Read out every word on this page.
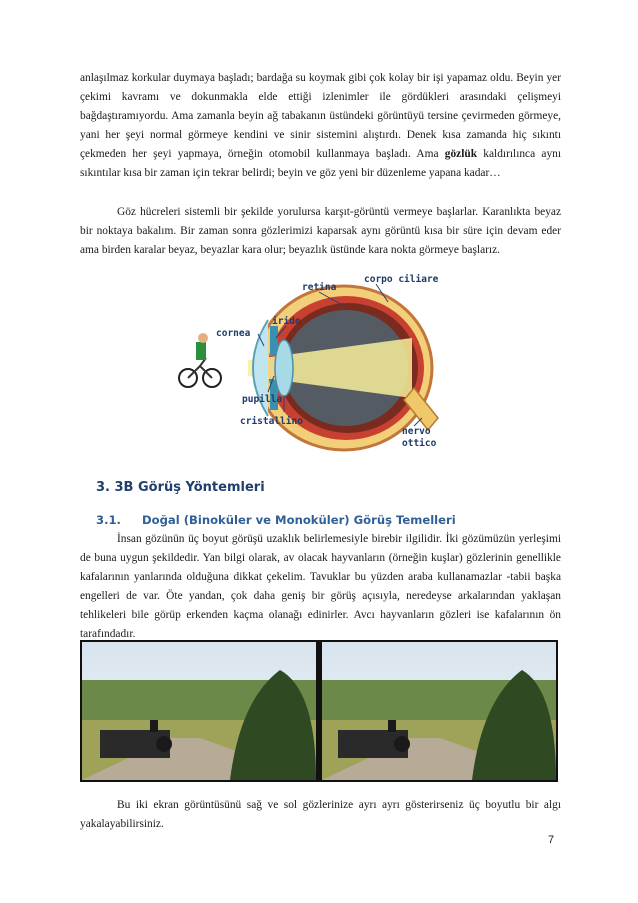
anlaşılmaz korkular duymaya başladı; bardağa su koymak gibi çok kolay bir işi yapamaz oldu. Beyin yer çekimi kavramı ve dokunmakla elde ettiği izlenimler ile gördükleri arasındaki çelişmeyi bağdaştıramıyordu. Ama zamanla beyin ağ tabakanın üstündeki görüntüyü tersine çevirmeden görmeye, yani her şeyi normal görmeye kendini ve sinir sistemini alıştırdı. Denek kısa zamanda hiç sıkıntı çekmeden her şeyi yapmaya, örneğin otomobil kullanmaya başladı. Ama gözlük kaldırılınca aynı sıkıntılar kısa bir zaman için tekrar belirdi; beyin ve göz yeni bir düzenleme yapana kadar…

Göz hücreleri sistemli bir şekilde yorulursa karşıt-görüntü vermeye başlarlar. Karanlıkta beyaz bir noktaya bakalım. Bir zaman sonra gözlerimizi kaparsak aynı görüntü kısa bir süre için devam eder ama birden karalar beyaz, beyazlar kara olur; beyazlık üstünde kara nokta görmeye başlarız.

retina
corpo ciliare
iride
cornea
pupilla
cristallino
nervo
ottico
3. 3B Görüş Yöntemleri
3.1. Doğal (Binoküler ve Monoküler) Görüş Temelleri

İnsan gözünün üç boyut görüşü uzaklık belirlemesiyle birebir ilgilidir. İki gözümüzün yerleşimi de buna uygun şekildedir. Yan bilgi olarak, av olacak hayvanların (örneğin kuşlar) gözlerinin genellikle kafalarının yanlarında olduğuna dikkat çekelim. Tavuklar bu yüzden araba kullanamazlar -tabii başka engelleri de var. Öte yandan, çok daha geniş bir görüş açısıyla, neredeyse arkalarından yaklaşan tehlikeleri bile görüp erkenden kaçma olanağı edinirler. Avcı hayvanların gözleri ise kafalarının ön tarafındadır.

Bu iki ekran görüntüsünü sağ ve sol gözlerinize ayrı ayrı gösterirseniz üç boyutlu bir algı yakalayabilirsiniz.

7
